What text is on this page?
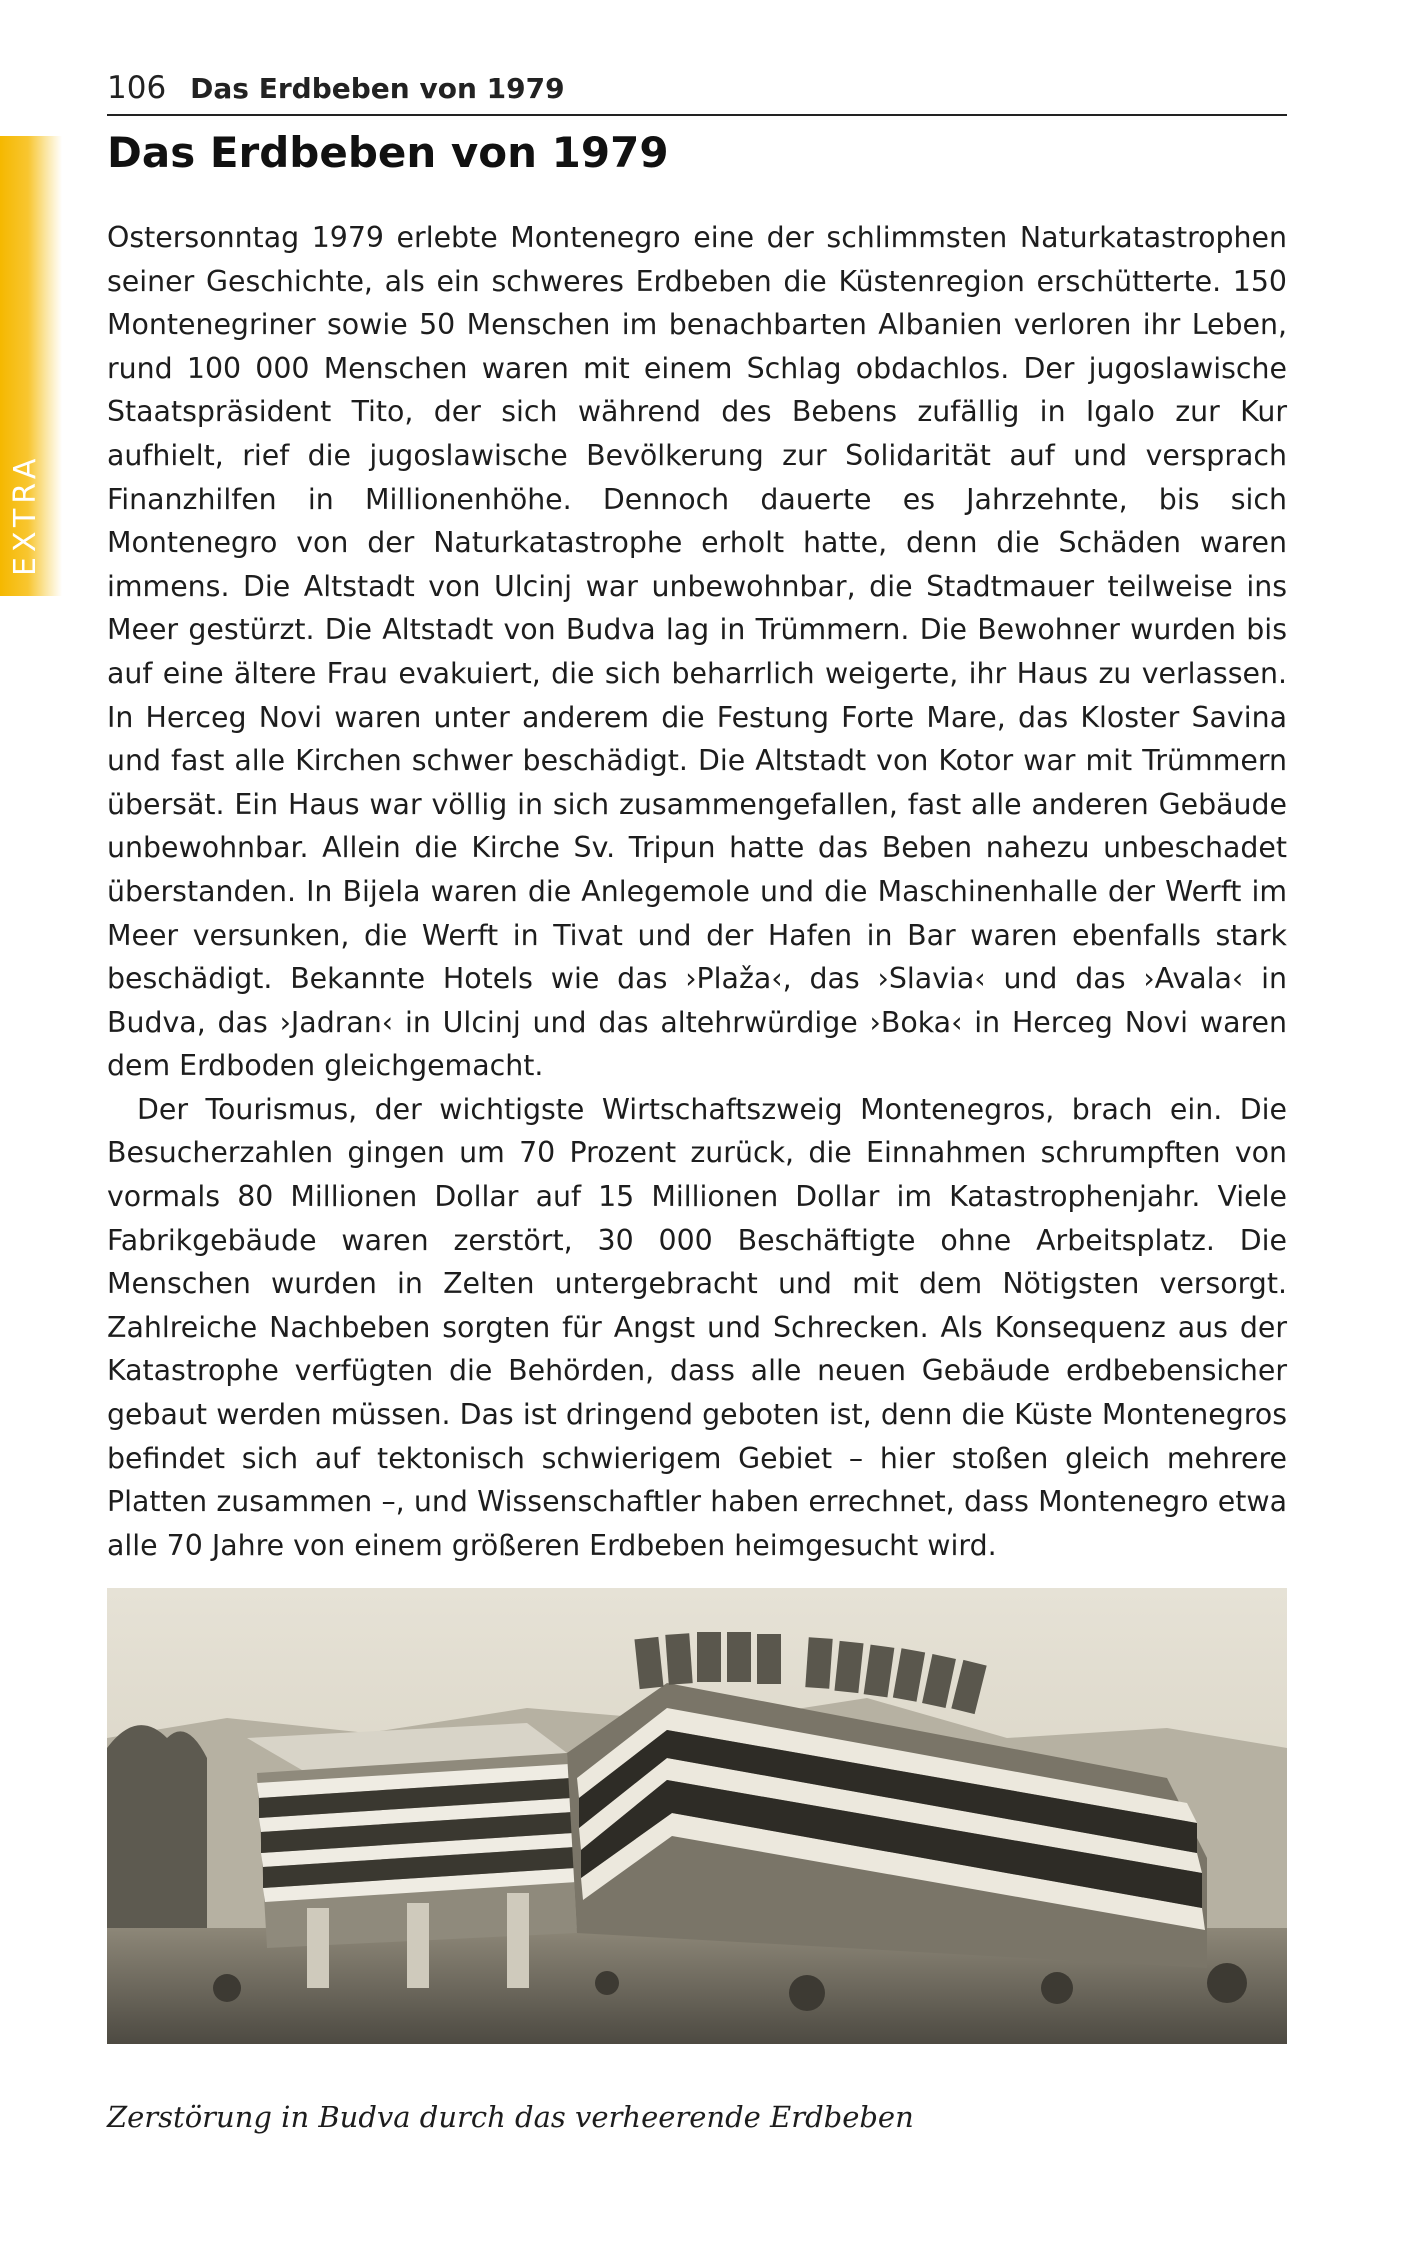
106 Das Erdbeben von 1979
EXTRA
Das Erdbeben von 1979

Ostersonntag 1979 erlebte Montenegro eine der schlimmsten Naturkatastrophen seiner Geschichte, als ein schweres Erdbeben die Küstenregion erschütterte. 150 Montenegriner sowie 50 Menschen im benachbarten Albanien verloren ihr Leben, rund 100 000 Menschen waren mit einem Schlag obdachlos. Der jugoslawische Staatspräsident Tito, der sich während des Bebens zufällig in Igalo zur Kur aufhielt, rief die jugoslawische Bevölkerung zur Solidarität auf und versprach Finanzhilfen in Millionenhöhe. Dennoch dauerte es Jahrzehnte, bis sich Montenegro von der Naturkatastrophe erholt hatte, denn die Schäden waren immens. Die Altstadt von Ulcinj war unbewohnbar, die Stadtmauer teilweise ins Meer gestürzt. Die Altstadt von Budva lag in Trümmern. Die Bewohner wurden bis auf eine ältere Frau evakuiert, die sich beharrlich weigerte, ihr Haus zu verlassen. In Herceg Novi waren unter anderem die Festung Forte Mare, das Kloster Savina und fast alle Kirchen schwer beschädigt. Die Altstadt von Kotor war mit Trümmern übersät. Ein Haus war völlig in sich zusammengefallen, fast alle anderen Gebäude unbewohnbar. Allein die Kirche Sv. Tripun hatte das Beben nahezu unbeschadet überstanden. In Bijela waren die Anlegemole und die Maschinenhalle der Werft im Meer versunken, die Werft in Tivat und der Hafen in Bar waren ebenfalls stark beschädigt. Bekannte Hotels wie das ›Plaža‹, das ›Slavia‹ und das ›Avala‹ in Budva, das ›Jadran‹ in Ulcinj und das altehrwürdige ›Boka‹ in Herceg Novi waren dem Erdboden gleichgemacht.

Der Tourismus, der wichtigste Wirtschaftszweig Montenegros, brach ein. Die Besucherzahlen gingen um 70 Prozent zurück, die Einnahmen schrumpften von vormals 80 Millionen Dollar auf 15 Millionen Dollar im Katastrophenjahr. Viele Fabrikgebäude waren zerstört, 30 000 Beschäftigte ohne Arbeitsplatz. Die Menschen wurden in Zelten untergebracht und mit dem Nötigsten versorgt. Zahlreiche Nachbeben sorgten für Angst und Schrecken. Als Konsequenz aus der Katastrophe verfügten die Behörden, dass alle neuen Gebäude erdbebensicher gebaut werden müssen. Das ist dringend geboten ist, denn die Küste Montenegros befindet sich auf tektonisch schwierigem Gebiet – hier stoßen gleich mehrere Platten zusammen –, und Wissenschaftler haben errechnet, dass Montenegro etwa alle 70 Jahre von einem größeren Erdbeben heimgesucht wird.

Zerstörung in Budva durch das verheerende Erdbeben
